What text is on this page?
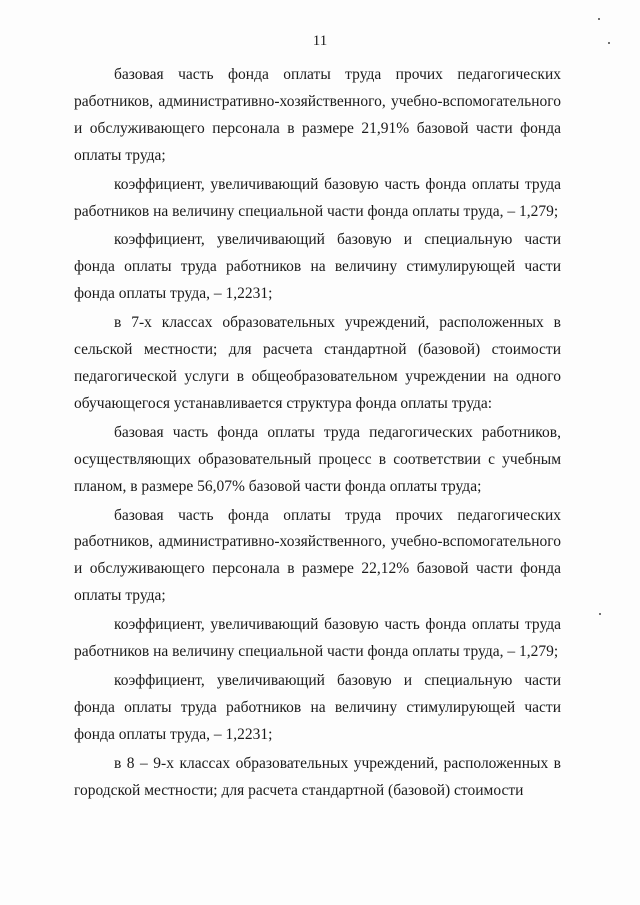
11

базовая часть фонда оплаты труда прочих педагогических работников, административно-хозяйственного, учебно-вспомогательного и обслуживающего персонала в размере 21,91% базовой части фонда оплаты труда;

коэффициент, увеличивающий базовую часть фонда оплаты труда работников на величину специальной части фонда оплаты труда, – 1,279;

коэффициент, увеличивающий базовую и специальную части фонда оплаты труда работников на величину стимулирующей части фонда оплаты труда, – 1,2231;

в 7-х классах образовательных учреждений, расположенных в сельской местности; для расчета стандартной (базовой) стоимости педагогической услуги в общеобразовательном учреждении на одного обучающегося устанавливается структура фонда оплаты труда:

базовая часть фонда оплаты труда педагогических работников, осуществляющих образовательный процесс в соответствии с учебным планом, в размере 56,07% базовой части фонда оплаты труда;

базовая часть фонда оплаты труда прочих педагогических работников, административно-хозяйственного, учебно-вспомогательного и обслуживающего персонала в размере 22,12% базовой части фонда оплаты труда;

коэффициент, увеличивающий базовую часть фонда оплаты труда работников на величину специальной части фонда оплаты труда, – 1,279;

коэффициент, увеличивающий базовую и специальную части фонда оплаты труда работников на величину стимулирующей части фонда оплаты труда, – 1,2231;

в 8 – 9-х классах образовательных учреждений, расположенных в городской местности; для расчета стандартной (базовой) стоимости
